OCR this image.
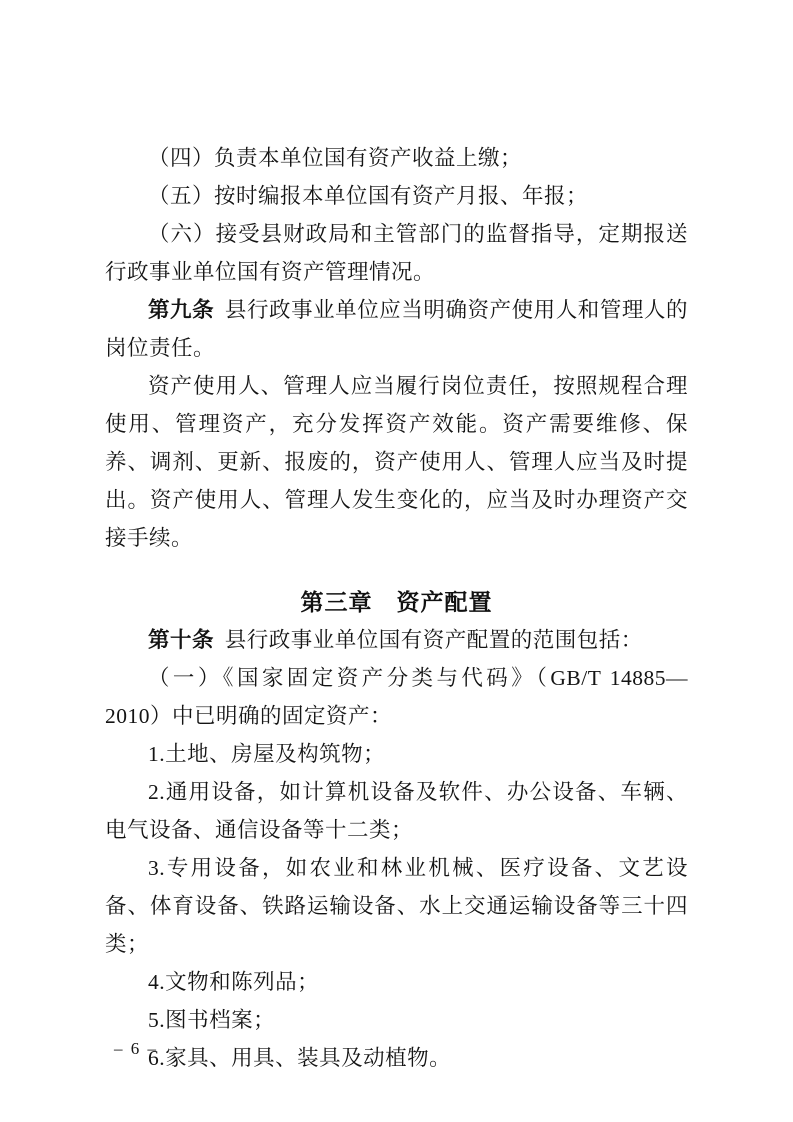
（四）负责本单位国有资产收益上缴；

（五）按时编报本单位国有资产月报、年报；

（六）接受县财政局和主管部门的监督指导，定期报送行政事业单位国有资产管理情况。

第九条 县行政事业单位应当明确资产使用人和管理人的岗位责任。

资产使用人、管理人应当履行岗位责任，按照规程合理使用、管理资产，充分发挥资产效能。资产需要维修、保养、调剂、更新、报废的，资产使用人、管理人应当及时提出。资产使用人、管理人发生变化的，应当及时办理资产交接手续。

第三章　资产配置

第十条 县行政事业单位国有资产配置的范围包括：

（一）《国家固定资产分类与代码》（GB/T 14885—2010）中已明确的固定资产：

1.土地、房屋及构筑物；

2.通用设备，如计算机设备及软件、办公设备、车辆、电气设备、通信设备等十二类；

3.专用设备，如农业和林业机械、医疗设备、文艺设备、体育设备、铁路运输设备、水上交通运输设备等三十四类；

4.文物和陈列品；

5.图书档案；

6.家具、用具、装具及动植物。

– 6 –
